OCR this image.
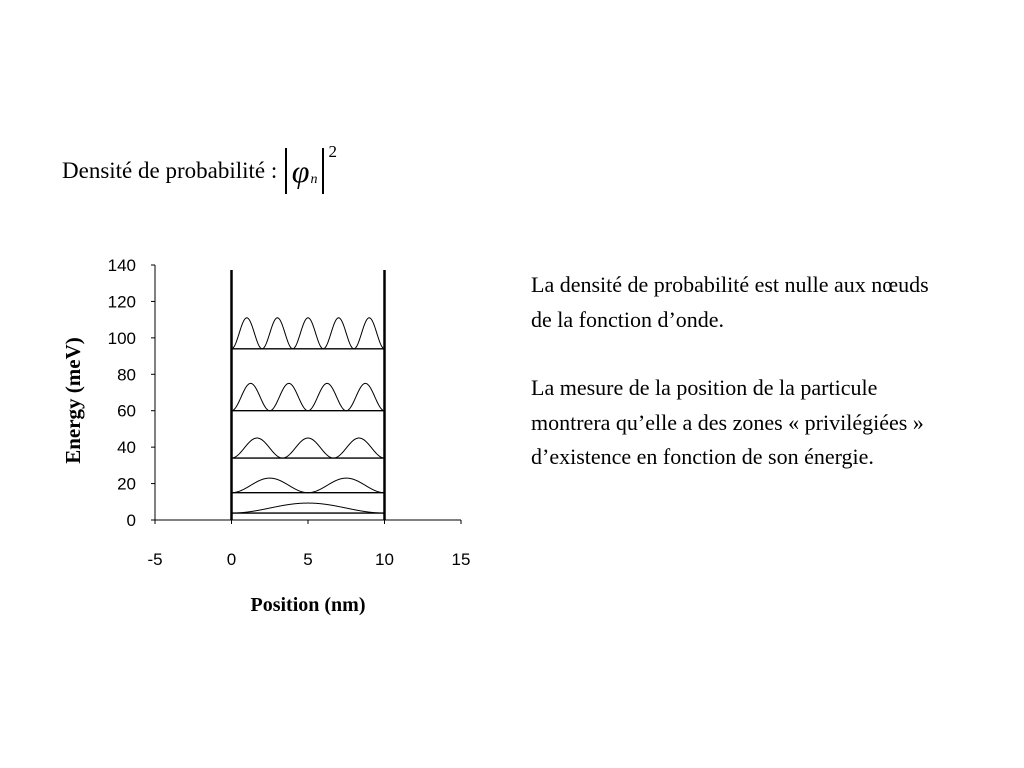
Densité de probabilité : φ n
2
0
20
40
60
80
100
120
140
-5	0	5	10	15
Position (nm)
Energy (meV)

La densité de probabilité est nulle aux nœuds de la fonction d’onde.

La mesure de la position de la particule montrera qu’elle a des zones « privilégiées » d’existence en fonction de son énergie.
